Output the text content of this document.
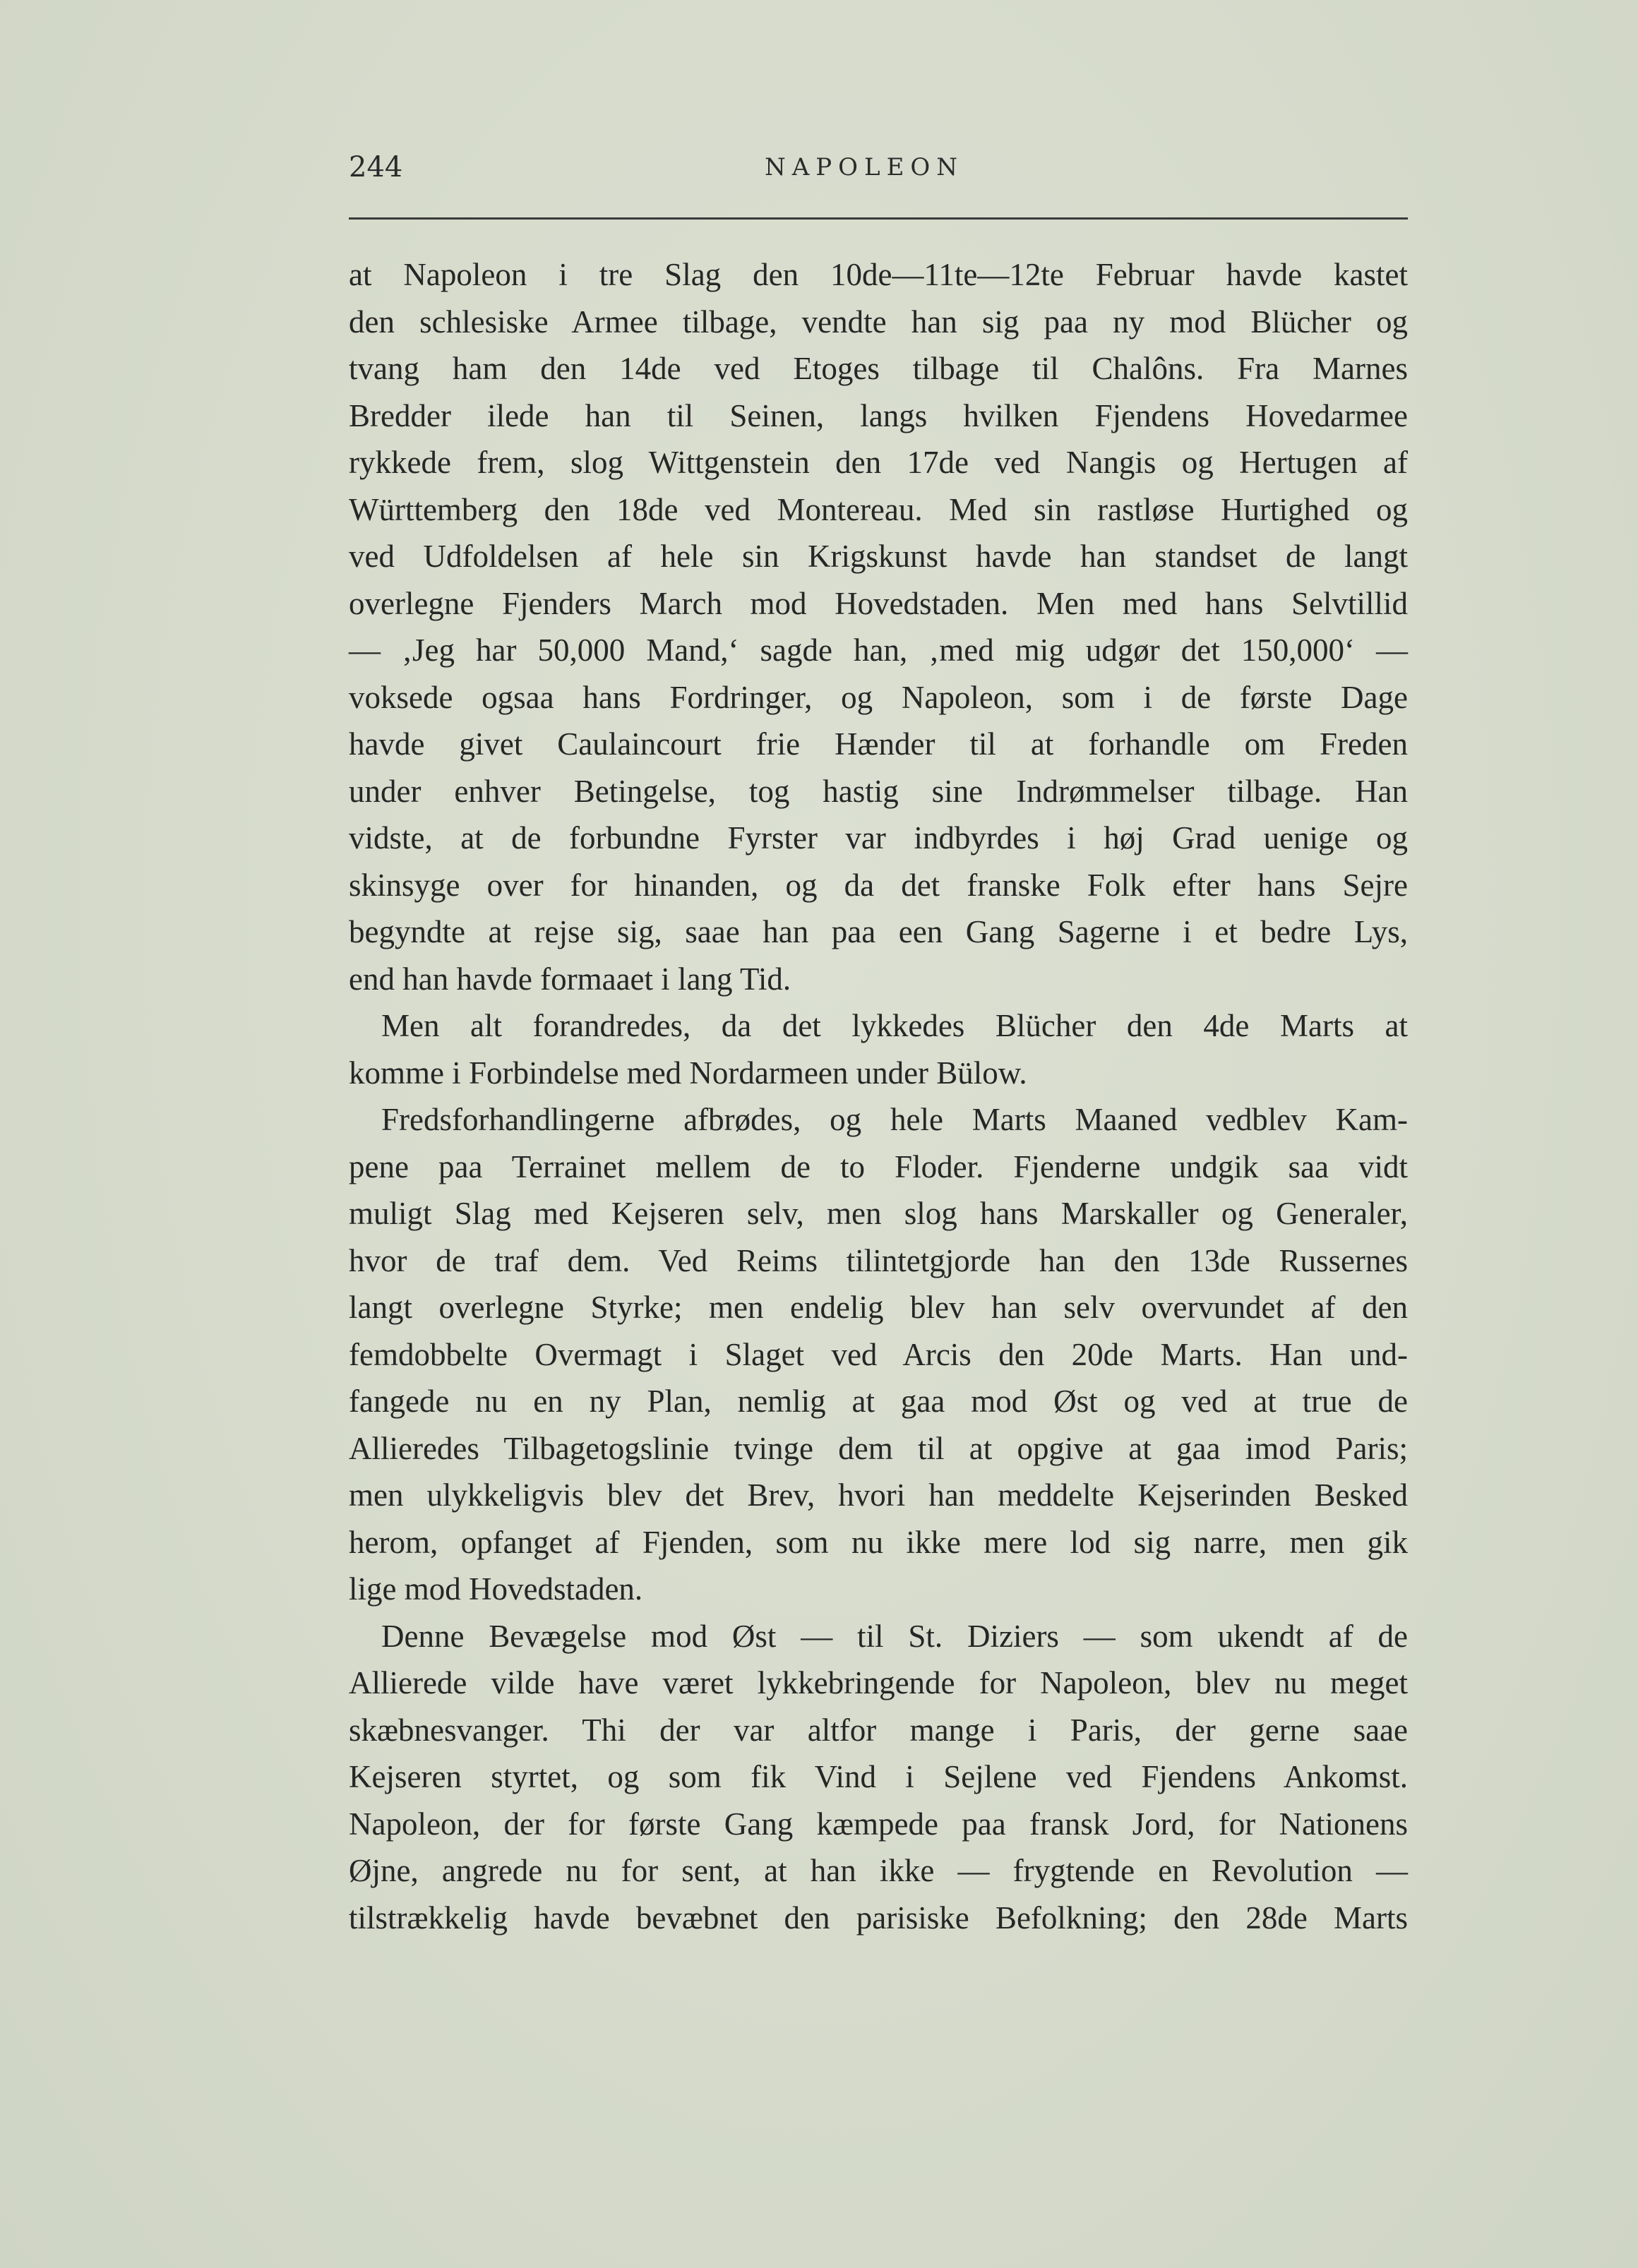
244	NAPOLEON
at Napoleon i tre Slag den 10de—11te—12te Februar havde kastet
den schlesiske Armee tilbage, vendte han sig paa ny mod Blücher og
tvang ham den 14de ved Etoges tilbage til Chalôns. Fra Marnes
Bredder ilede han til Seinen, langs hvilken Fjendens Hovedarmee
rykkede frem, slog Wittgenstein den 17de ved Nangis og Hertugen af
Württemberg den 18de ved Montereau. Med sin rastløse Hurtighed og
ved Udfoldelsen af hele sin Krigskunst havde han standset de langt
overlegne Fjenders March mod Hovedstaden. Men med hans Selvtillid
— ‚Jeg har 50,000 Mand,‘ sagde han, ‚med mig udgør det 150,000‘ —
voksede ogsaa hans Fordringer, og Napoleon, som i de første Dage
havde givet Caulaincourt frie Hænder til at forhandle om Freden
under enhver Betingelse, tog hastig sine Indrømmelser tilbage. Han
vidste, at de forbundne Fyrster var indbyrdes i høj Grad uenige og
skinsyge over for hinanden, og da det franske Folk efter hans Sejre
begyndte at rejse sig, saae han paa een Gang Sagerne i et bedre Lys,
end han havde formaaet i lang Tid.
Men alt forandredes, da det lykkedes Blücher den 4de Marts at
komme i Forbindelse med Nordarmeen under Bülow.
Fredsforhandlingerne afbrødes, og hele Marts Maaned vedblev Kam-
pene paa Terrainet mellem de to Floder. Fjenderne undgik saa vidt
muligt Slag med Kejseren selv, men slog hans Marskaller og Generaler,
hvor de traf dem. Ved Reims tilintetgjorde han den 13de Russernes
langt overlegne Styrke; men endelig blev han selv overvundet af den
femdobbelte Overmagt i Slaget ved Arcis den 20de Marts. Han und-
fangede nu en ny Plan, nemlig at gaa mod Øst og ved at true de
Allieredes Tilbagetogslinie tvinge dem til at opgive at gaa imod Paris;
men ulykkeligvis blev det Brev, hvori han meddelte Kejserinden Besked
herom, opfanget af Fjenden, som nu ikke mere lod sig narre, men gik
lige mod Hovedstaden.
Denne Bevægelse mod Øst — til St. Diziers — som ukendt af de
Allierede vilde have været lykkebringende for Napoleon, blev nu meget
skæbnesvanger. Thi der var altfor mange i Paris, der gerne saae
Kejseren styrtet, og som fik Vind i Sejlene ved Fjendens Ankomst.
Napoleon, der for første Gang kæmpede paa fransk Jord, for Nationens
Øjne, angrede nu for sent, at han ikke — frygtende en Revolution —
tilstrækkelig havde bevæbnet den parisiske Befolkning; den 28de Marts
